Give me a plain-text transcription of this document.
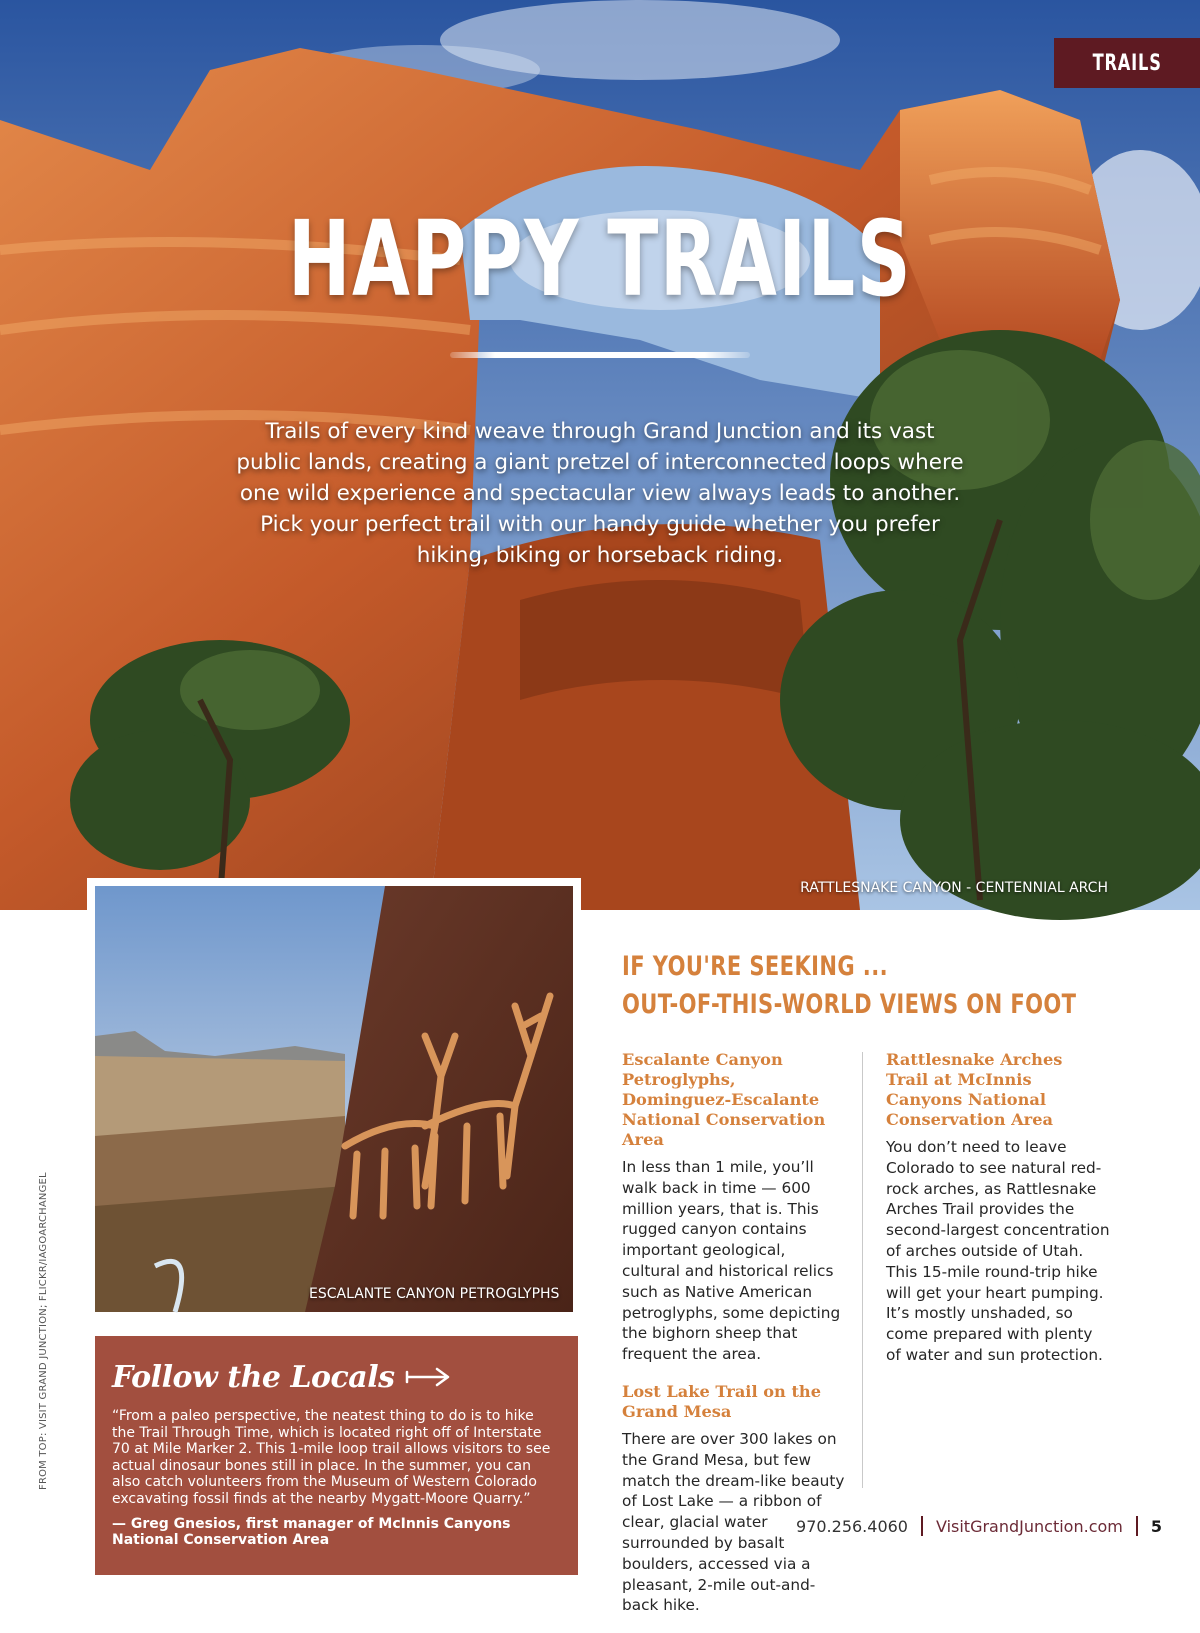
TRAILS
HAPPY TRAILS
Trails of every kind weave through Grand Junction and its vast public lands, creating a giant pretzel of interconnected loops where one wild experience and spectacular view always leads to another. Pick your perfect trail with our handy guide whether you prefer hiking, biking or horseback riding.
RATTLESNAKE CANYON - CENTENNIAL ARCH
ESCALANTE CANYON PETROGLYPHS
FROM TOP: VISIT GRAND JUNCTION; FLICKR/IAGOARCHANGEL Follow the Locals

“From a paleo perspective, the neatest thing to do is to hike the Trail Through Time, which is located right off of Interstate 70 at Mile Marker 2. This 1-mile loop trail allows visitors to see actual dinosaur bones still in place. In the summer, you can also catch volunteers from the Museum of Western Colorado excavating fossil finds at the nearby Mygatt-Moore Quarry.”

— Greg Gnesios, first manager of McInnis Canyons National Conservation Area

IF YOU'RE SEEKING ...
OUT-OF-THIS-WORLD VIEWS ON FOOT
Escalante Canyon Petroglyphs, Dominguez-Escalante National Conservation Area

In less than 1 mile, you’ll walk back in time — 600 million years, that is. This rugged canyon contains important geological, cultural and historical relics such as Native American petroglyphs, some depicting the bighorn sheep that frequent the area.

Lost Lake Trail on the Grand Mesa

There are over 300 lakes on the Grand Mesa, but few match the dream-like beauty of Lost Lake — a ribbon of clear, glacial water surrounded by basalt boulders, accessed via a pleasant, 2-mile out-and-back hike.

Rattlesnake Arches Trail at McInnis Canyons National Conservation Area

You don’t need to leave Colorado to see natural red-rock arches, as Rattlesnake Arches Trail provides the second-largest concentration of arches outside of Utah. This 15-mile round-trip hike will get your heart pumping. It’s mostly unshaded, so come prepared with plenty of water and sun protection.

970.256.4060 VisitGrandJunction.com 5
